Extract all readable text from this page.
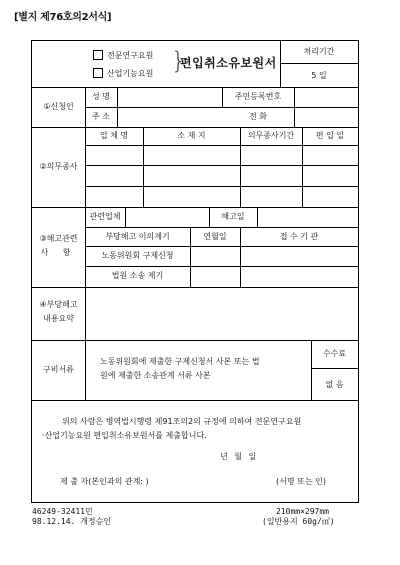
[별지 제76호의2서식]
전문연구요원
산업기능요원 }
편입취소유보원서
처리기간
5 일
①신청인
성 명	주민등록번호
주 소	전 화
②의무종사
업 체 명	소 재 지	의무종사기간	편 입 일
③해고관련
사 항
관련업체	해고일
부당해고 이의제기	연월일	접 수 기 관
노동위원회 구제신청
법원 소송 제기
④부당해고
내용요약
구비서류
노동위원회에 제출한 구제신청서 사본 또는 법
원에 제출한 소송관계 서류 사본
수수료
없 음
위의 사람은 병역법시행령 제91조의2의 규정에 의하여 전문연구요원
·산업기능요원 편입취소유보원서를 제출합니다.
년 월 일
제 출 자(본인과의 관계: )	(서명 또는 인)
46249-32411민
98.12.14. 개정승인
210mm×297mm
(일반용지 60g/㎡)
